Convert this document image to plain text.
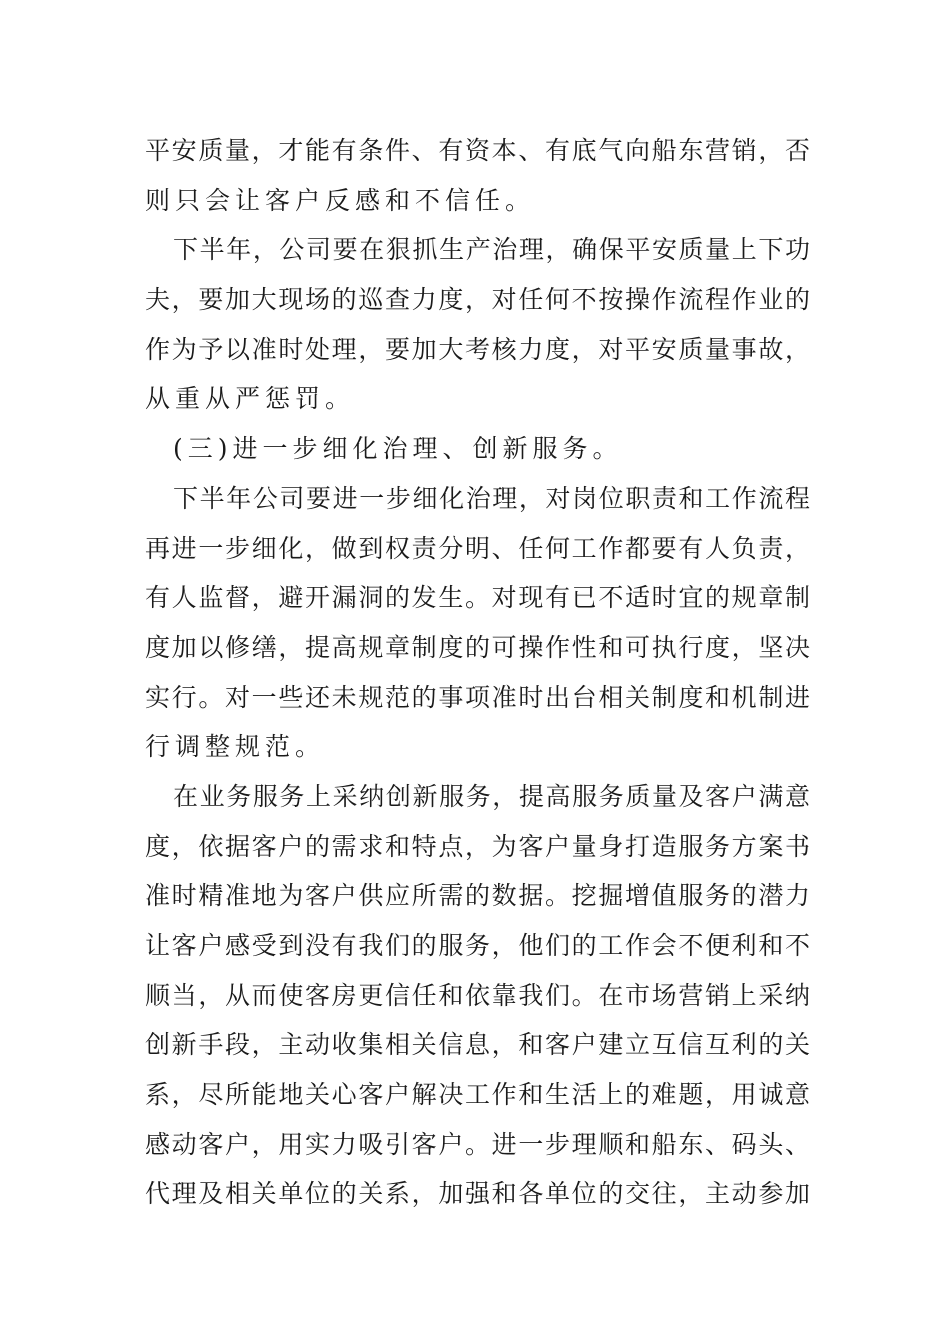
平安质量，才能有条件、有资本、有底气向船东营销，否
则只会让客户反感和不信任。
下半年，公司要在狠抓生产治理，确保平安质量上下功
夫，要加大现场的巡查力度，对任何不按操作流程作业的
作为予以准时处理，要加大考核力度，对平安质量事故，
从重从严惩罚。
(三)进一步细化治理、创新服务。
下半年公司要进一步细化治理，对岗位职责和工作流程
再进一步细化，做到权责分明、任何工作都要有人负责，
有人监督，避开漏洞的发生。对现有已不适时宜的规章制
度加以修缮，提高规章制度的可操作性和可执行度，坚决
实行。对一些还未规范的事项准时出台相关制度和机制进
行调整规范。
在业务服务上采纳创新服务，提高服务质量及客户满意
度，依据客户的需求和特点，为客户量身打造服务方案书
准时精准地为客户供应所需的数据。挖掘增值服务的潜力
让客户感受到没有我们的服务，他们的工作会不便利和不
顺当，从而使客房更信任和依靠我们。在市场营销上采纳
创新手段，主动收集相关信息，和客户建立互信互利的关
系，尽所能地关心客户解决工作和生活上的难题，用诚意
感动客户，用实力吸引客户。进一步理顺和船东、码头、
代理及相关单位的关系，加强和各单位的交往，主动参加
